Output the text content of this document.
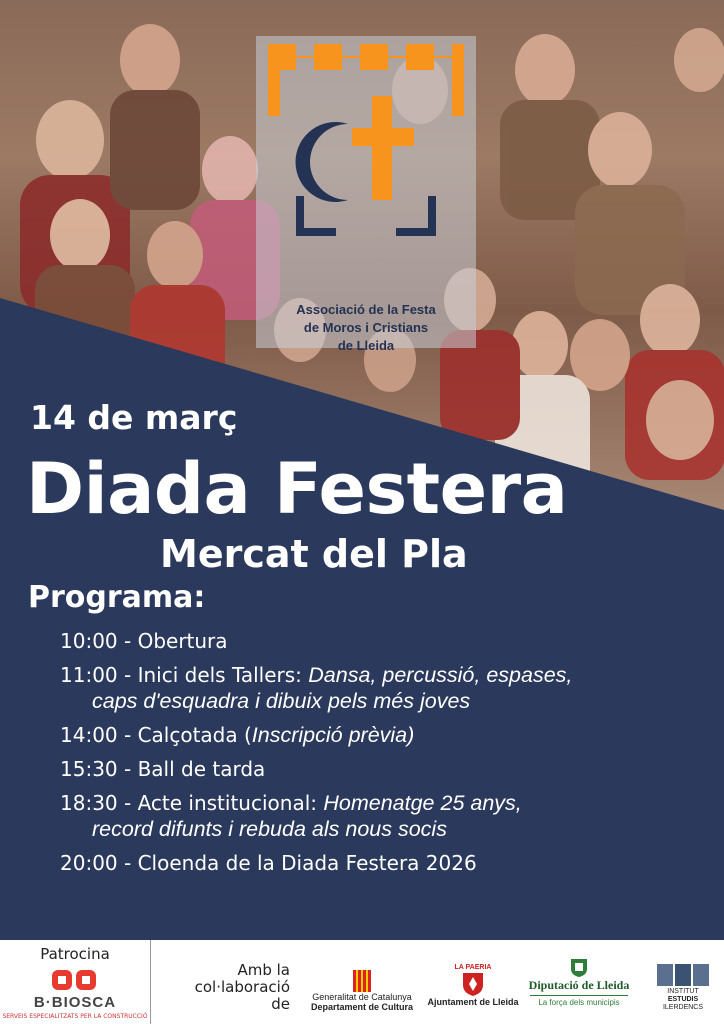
Associació de la Festa
de Moros i Cristians
de Lleida
14 de març
Diada Festera
Mercat del Pla
Programa:
10:00 - Obertura
11:00 - Inici dels Tallers: Dansa, percussió, espases,
caps d'esquadra i dibuix pels més joves
14:00 - Calçotada (Inscripció prèvia)
15:30 - Ball de tarda
18:30 - Acte institucional: Homenatge 25 anys,
record difunts i rebuda als nous socis
20:00 - Cloenda de la Diada Festera 2026
Patrocina
B·BIOSCA
SERVEIS ESPECIALITZATS PER LA CONSTRUCCIÓ
Amb la
col·laboració
de	Generalitat de Catalunya
Departament de Cultura
LA PAERIA
Ajuntament de Lleida
Diputació de Lleida
La força dels municipis
INSTITUT
ESTUDIS
ILERDENCS
